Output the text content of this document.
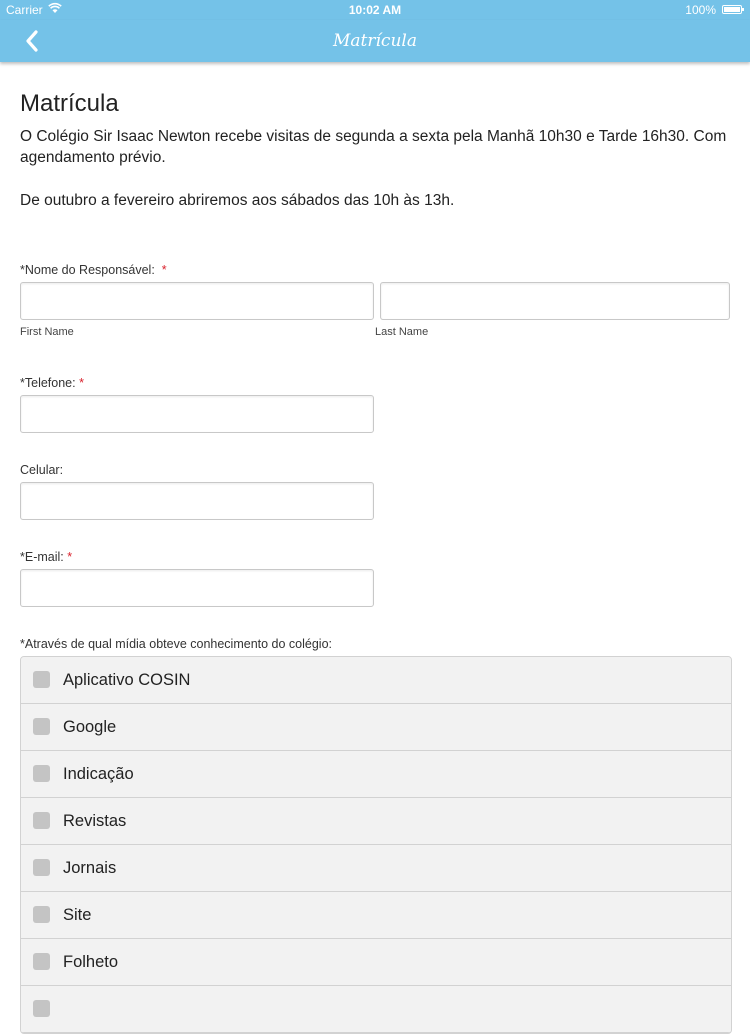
Carrier	10:02 AM	100%
Matrícula
Matrícula

O Colégio Sir Isaac Newton recebe visitas de segunda a sexta pela Manhã 10h30 e Tarde 16h30. Com agendamento prévio.

De outubro a fevereiro abriremos aos sábados das 10h às 13h.

*Nome do Responsável: *
First Name	Last Name
*Telefone: *
Celular:
*E-mail: *
*Através de qual mídia obteve conhecimento do colégio:
Aplicativo COSIN
Google
Indicação
Revistas
Jornais
Site
Folheto
